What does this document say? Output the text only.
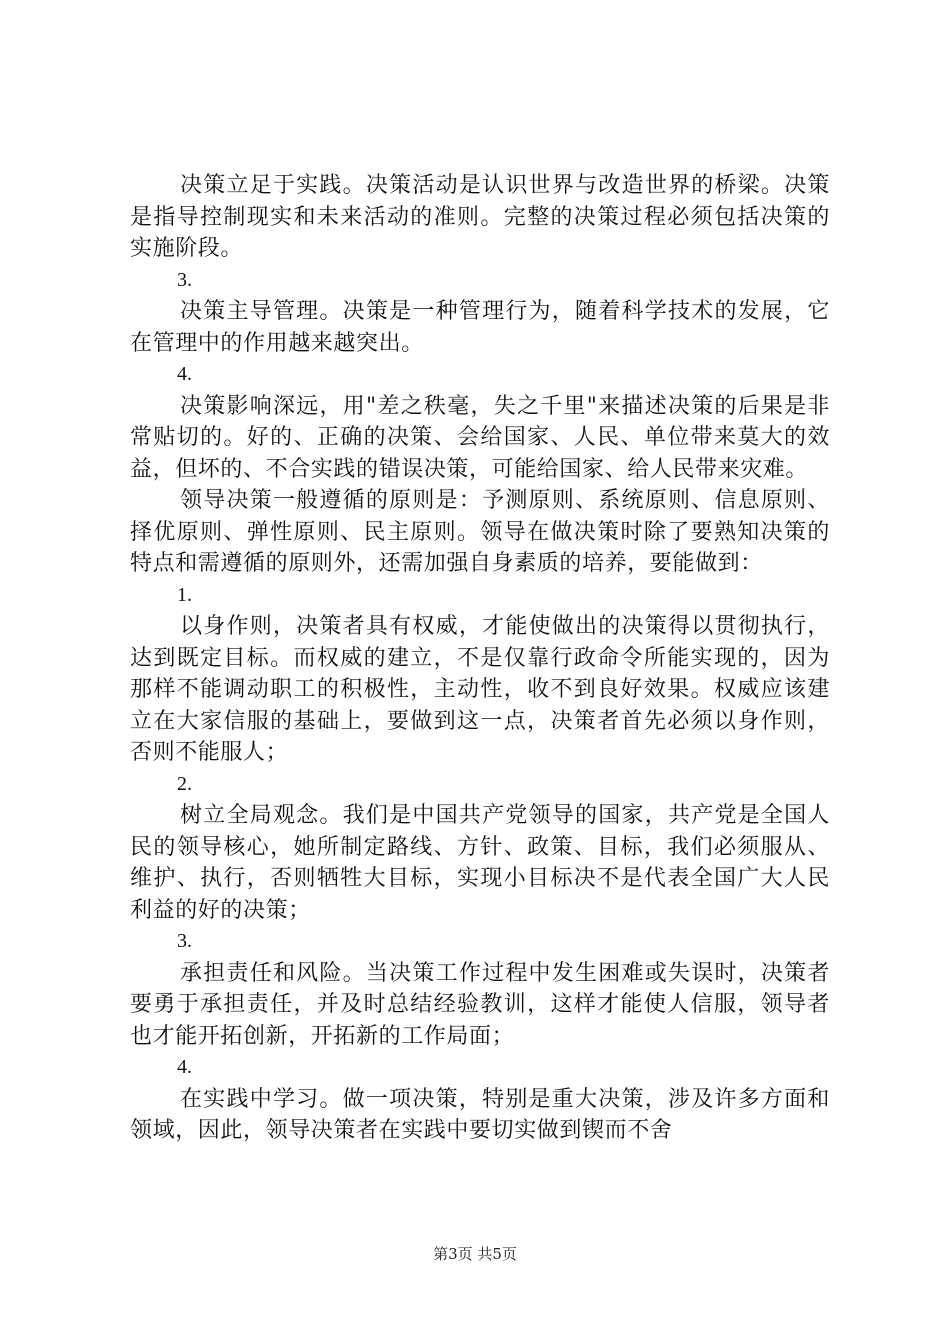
决策立足于实践。决策活动是认识世界与改造世界的桥梁。决策是指导控制现实和未来活动的准则。完整的决策过程必须包括决策的实施阶段。

3.

决策主导管理。决策是一种管理行为，随着科学技术的发展，它在管理中的作用越来越突出。

4.

决策影响深远，用"差之秩毫，失之千里"来描述决策的后果是非常贴切的。好的、正确的决策、会给国家、人民、单位带来莫大的效益，但坏的、不合实践的错误决策，可能给国家、给人民带来灾难。

领导决策一般遵循的原则是：予测原则、系统原则、信息原则、择优原则、弹性原则、民主原则。领导在做决策时除了要熟知决策的特点和需遵循的原则外，还需加强自身素质的培养，要能做到：

1.

以身作则，决策者具有权威，才能使做出的决策得以贯彻执行，达到既定目标。而权威的建立，不是仅靠行政命令所能实现的，因为那样不能调动职工的积极性，主动性，收不到良好效果。权威应该建立在大家信服的基础上，要做到这一点，决策者首先必须以身作则，否则不能服人；

2.

树立全局观念。我们是中国共产党领导的国家，共产党是全国人民的领导核心，她所制定路线、方针、政策、目标，我们必须服从、维护、执行，否则牺牲大目标，实现小目标决不是代表全国广大人民利益的好的决策；

3.

承担责任和风险。当决策工作过程中发生困难或失误时，决策者要勇于承担责任，并及时总结经验教训，这样才能使人信服，领导者也才能开拓创新，开拓新的工作局面；

4.

在实践中学习。做一项决策，特别是重大决策，涉及许多方面和领域，因此，领导决策者在实践中要切实做到锲而不舍

第3页 共5页
